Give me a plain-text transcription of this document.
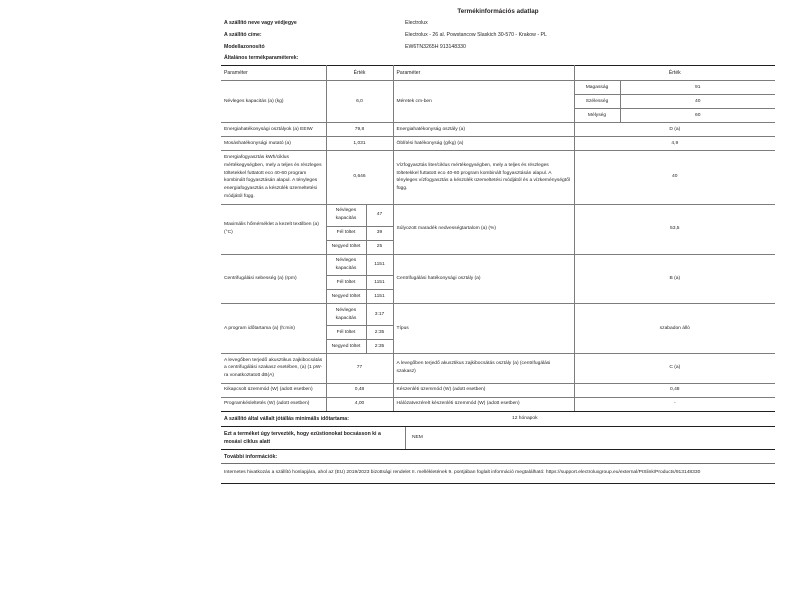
Termékinformációs adatlap
A szállító neve vagy védjegye	Electrolux
A szállító címe:	Electrolux - 26 al. Powstancow Slaskich 30-570 - Krakow - PL
Modellazonosító	EW6TN3265H 913148330
Általános termékparaméterek:	
Paraméter	Érték		Paraméter	Érték	
Névleges kapacitás (a) (kg)	6,0		Méretek cm-ben	Magasság	91
				Szélesség	40
				Mélység	60
Energiahatékonysági osztályok (a) EEIW	79,8		Energiahatékonyság osztály (a)	D (a)	
Mosáshatékonysági mutató (a)	1,031		Öblítési hatékonyság (g/kg) (a)	4,9	
Energiafogyasztás kWh/ciklus mértékegységben, mely a teljes és részleges töltetekkel futtatott eco 40-60 program kombinált fogyasztásán alapul. A tényleges energiafogyasztás a készülék üzemeltetési módjától függ.	0,646	Vízfogyasztás liter/ciklus mértékegységben, mely a teljes és részleges töltetekkel futtatott eco 40-60 program kombinált fogyasztásán alapul. A tényleges vízfogyasztás a készülék üzemeltetési módjától és a vízkeménységtől függ.	40
Maximális hőmérséklet a kezelt textilben (a) (°C)	Névleges kapacitás	47	Súlyozott maradék nedvességtartalom (a) (%)	53,5	
	Fél töltet	39			
	Negyed töltet	25			
Centrifugálási sebesség (a) (rpm)	Névleges kapacitás	1151	Centrifugálási hatékonysági osztály (a)	B (a)	
	Fél töltet	1151			
	Negyed töltet	1151			
A program időtartama (a) (h:min)	Névleges kapacitás	3:17	Típus	szabadon álló	
	Fél töltet	2:35			
	Negyed töltet	2:35			
A levegőben terjedő akusztikus zajkibocsátás a centrifugálási szakasz esetében, (a) (1 pW-ra vonatkoztatott dB(A)	77		A levegőben terjedő akusztikus zajkibocsátás osztály (a) (centrifugálási szakasz)	C (a)	
Kikapcsolt üzemmód (W) (adott esetben)	0,48		Készenléti üzemmód (W) (adott esetben)	0,48	
Programkésleltetés (W) (adott esetben)	4,00		Hálózatvezérelt készenléti üzemmód (W) (adott esetben)	-	
A szállító által vállalt jótállás minimális időtartama:	12 hónapok
Ezt a terméket úgy tervezték, hogy ezüstionokat bocsásson ki a mosási ciklus alatt	NEM
További információk:
Internetes hivatkozás a szállító honlapjára, ahol az (EU) 2019/2023 bizottsági rendelet II. mellékletének 9. pontjában foglalt információ megtalálható: https://support.electroluxgroup.eu/external/PISlink/Products/913148330
